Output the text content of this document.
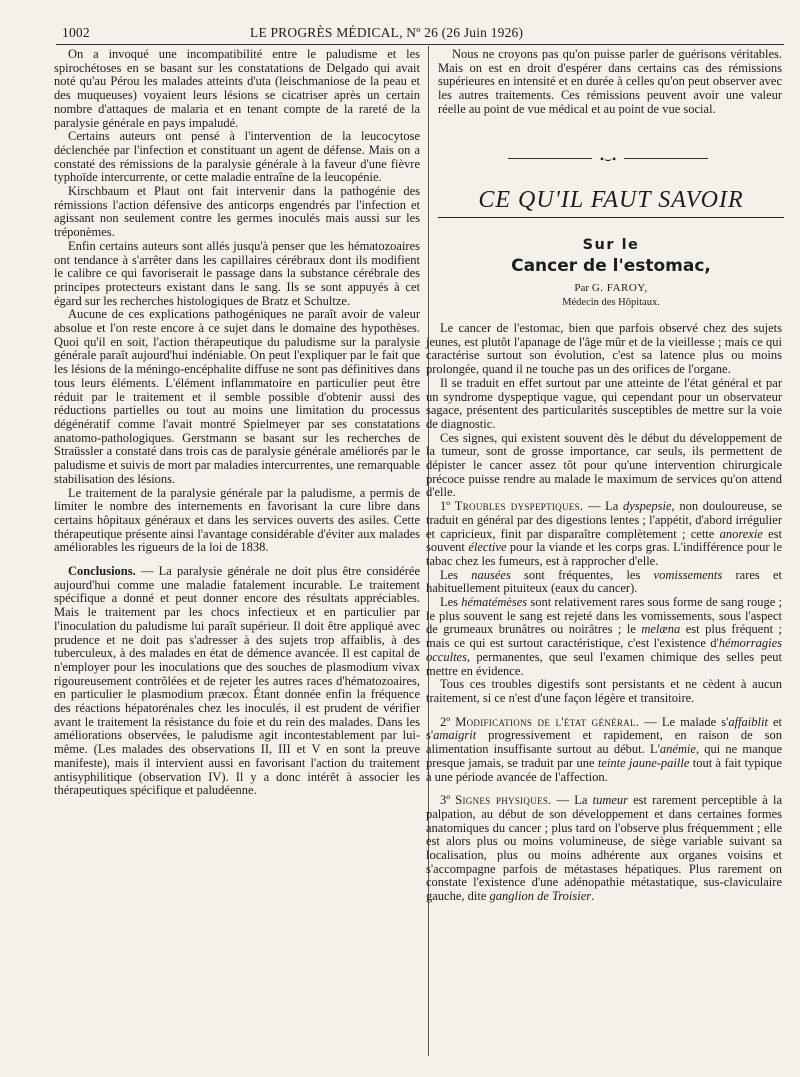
1002	LE PROGRÈS MÉDICAL, Nº 26 (26 Juin 1926)

On a invoqué une incompatibilité entre le paludisme et les spirochétoses en se basant sur les constatations de Delgado qui avait noté qu'au Pérou les malades atteints d'uta (leischmaniose de la peau et des muqueuses) voyaient leurs lésions se cicatriser après un certain nombre d'attaques de malaria et en tenant compte de la rareté de la paralysie générale en pays impaludé.

Certains auteurs ont pensé à l'intervention de la leucocytose déclenchée par l'infection et constituant un agent de défense. Mais on a constaté des rémissions de la paralysie générale à la faveur d'une fièvre typhoïde intercurrente, or cette maladie entraîne de la leucopénie.

Kirschbaum et Plaut ont fait intervenir dans la pathogénie des rémissions l'action défensive des anticorps engendrés par l'infection et agissant non seulement contre les germes inoculés mais aussi sur les tréponèmes.

Enfin certains auteurs sont allés jusqu'à penser que les hématozoaires ont tendance à s'arrêter dans les capillaires cérébraux dont ils modifient le calibre ce qui favoriserait le passage dans la substance cérébrale des principes protecteurs existant dans le sang. Ils se sont appuyés à cet égard sur les recherches histologiques de Bratz et Schultze.

Aucune de ces explications pathogéniques ne paraît avoir de valeur absolue et l'on reste encore à ce sujet dans le domaine des hypothèses. Quoi qu'il en soit, l'action thérapeutique du paludisme sur la paralysie générale paraît aujourd'hui indéniable. On peut l'expliquer par le fait que les lésions de la méningo-encéphalite diffuse ne sont pas définitives dans tous leurs éléments. L'élément inflammatoire en particulier peut être réduit par le traitement et il semble possible d'obtenir aussi des réductions partielles ou tout au moins une limitation du processus dégénératif comme l'avait montré Spielmeyer par ses constatations anatomo-pathologiques. Gerstmann se basant sur les recherches de Straüssler a constaté dans trois cas de paralysie générale améliorés par le paludisme et suivis de mort par maladies intercurrentes, une remarquable stabilisation des lésions.

Le traitement de la paralysie générale par la paludisme, a permis de limiter le nombre des internements en favorisant la cure libre dans certains hôpitaux généraux et dans les services ouverts des asiles. Cette thérapeutique présente ainsi l'avantage considérable d'éviter aux malades améliorables les rigueurs de la loi de 1838.

Conclusions. — La paralysie générale ne doit plus être considérée aujourd'hui comme une maladie fatalement incurable. Le traitement spécifique a donné et peut donner encore des résultats appréciables. Mais le traitement par les chocs infectieux et en particulier par l'inoculation du paludisme lui paraît supérieur. Il doit être appliqué avec prudence et ne doit pas s'adresser à des sujets trop affaiblis, à des tuberculeux, à des malades en état de démence avancée. Il est capital de n'employer pour les inoculations que des souches de plasmodium vivax rigoureusement contrôlées et de rejeter les autres races d'hématozoaires, en particulier le plasmodium præcox. Étant donnée enfin la fréquence des réactions hépatorénales chez les inoculés, il est prudent de vérifier avant le traitement la résistance du foie et du rein des malades. Dans les améliorations observées, le paludisme agit incontestablement par lui-même. (Les malades des observations II, III et V en sont la preuve manifeste), mais il intervient aussi en favorisant l'action du traitement antisyphilitique (observation IV). Il y a donc intérêt à associer les thérapeutiques spécifique et paludéenne.

Nous ne croyons pas qu'on puisse parler de guérisons véritables. Mais on est en droit d'espérer dans certains cas des rémissions supérieures en intensité et en durée à celles qu'on peut observer avec les autres traitements. Ces rémissions peuvent avoir une valeur réelle au point de vue médical et au point de vue social.

•⌣•
CE QU'IL FAUT SAVOIR
Sur le
Cancer de l'estomac,
Par G. FAROY,
Médecin des Hôpitaux.

Le cancer de l'estomac, bien que parfois observé chez des sujets jeunes, est plutôt l'apanage de l'âge mûr et de la vieillesse ; mais ce qui caractérise surtout son évolution, c'est sa latence plus ou moins prolongée, quand il ne touche pas un des orifices de l'organe.

Il se traduit en effet surtout par une atteinte de l'état général et par un syndrome dyspeptique vague, qui cependant pour un observateur sagace, présentent des particularités susceptibles de mettre sur la voie de diagnostic.

Ces signes, qui existent souvent dès le début du développement de la tumeur, sont de grosse importance, car seuls, ils permettent de dépister le cancer assez tôt pour qu'une intervention chirurgicale précoce puisse rendre au malade le maximum de services qu'on attend d'elle.

1º Troubles dyspeptiques. — La dyspepsie, non douloureuse, se traduit en général par des digestions lentes ; l'appétit, d'abord irrégulier et capricieux, finit par disparaître complètement ; cette anorexie est souvent élective pour la viande et les corps gras. L'indifférence pour le tabac chez les fumeurs, est à rapprocher d'elle.

Les nausées sont fréquentes, les vomissements rares et habituellement pituiteux (eaux du cancer).

Les hématémèses sont relativement rares sous forme de sang rouge ; le plus souvent le sang est rejeté dans les vomissements, sous l'aspect de grumeaux brunâtres ou noirâtres ; le melæna est plus fréquent ; mais ce qui est surtout caractéristique, c'est l'existence d'hémorragies occultes, permanentes, que seul l'examen chimique des selles peut mettre en évidence.

Tous ces troubles digestifs sont persistants et ne cèdent à aucun traitement, si ce n'est d'une façon légère et transitoire.

2º Modifications de l'état général. — Le malade s'affaiblit et s'amaigrit progressivement et rapidement, en raison de son alimentation insuffisante surtout au début. L'anémie, qui ne manque presque jamais, se traduit par une teinte jaune-paille tout à fait typique à une période avancée de l'affection.

3º Signes physiques. — La tumeur est rarement perceptible à la palpation, au début de son développement et dans certaines formes anatomiques du cancer ; plus tard on l'observe plus fréquemment ; elle est alors plus ou moins volumineuse, de siège variable suivant sa localisation, plus ou moins adhérente aux organes voisins et s'accompagne parfois de métastases hépatiques. Plus rarement on constate l'existence d'une adénopathie métastatique, sus-claviculaire gauche, dite ganglion de Troisier.
